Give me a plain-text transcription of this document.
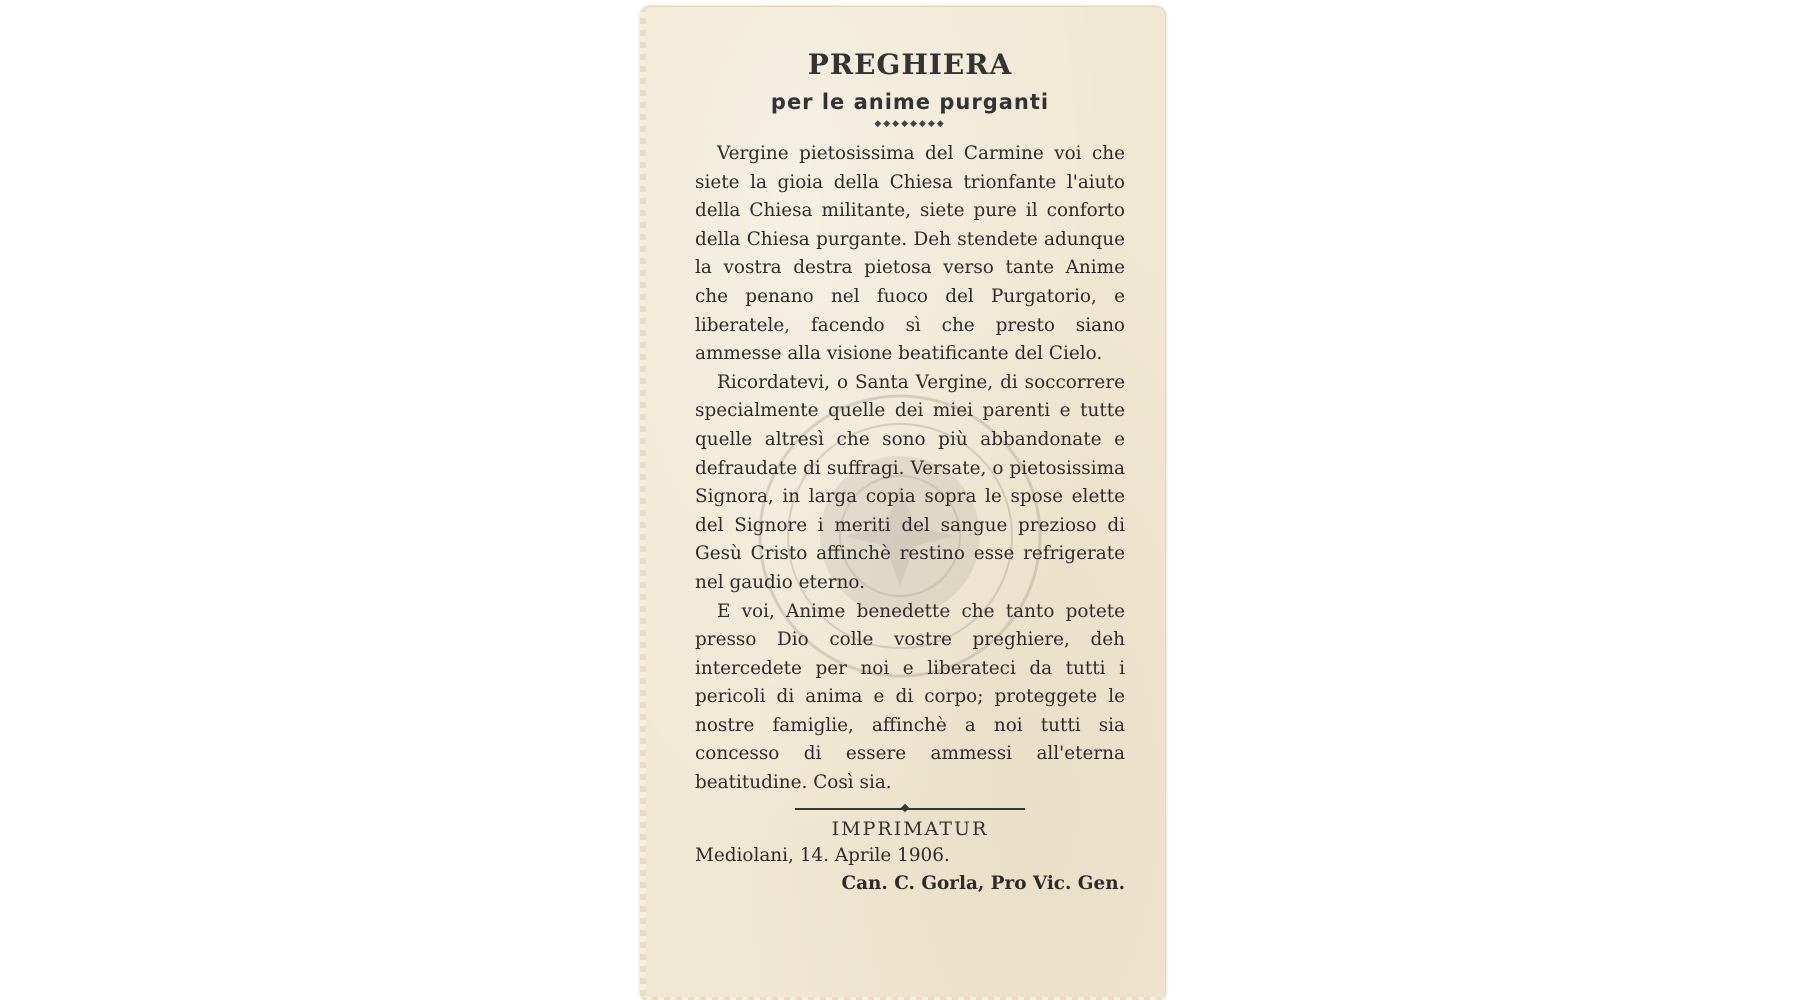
PREGHIERA
per le anime purganti
◆◆◆◆◆◆◆◆

Vergine pietosissima del Carmine voi che siete la gioia della Chiesa trionfante l'aiuto della Chiesa militante, siete pure il conforto della Chiesa purgante. Deh stendete adunque la vostra destra pietosa verso tante Anime che penano nel fuoco del Purgatorio, e liberatele, facendo sì che presto siano ammesse alla visione beatificante del Cielo.

Ricordatevi, o Santa Vergine, di soccorrere specialmente quelle dei miei parenti e tutte quelle altresì che sono più abbandonate e defraudate di suffragi. Versate, o pietosissima Signora, in larga copia sopra le spose elette del Signore i meriti del sangue prezioso di Gesù Cristo affinchè restino esse refrigerate nel gaudio eterno.

E voi, Anime benedette che tanto potete presso Dio colle vostre preghiere, deh intercedete per noi e liberateci da tutti i pericoli di anima e di corpo; proteggete le nostre famiglie, affinchè a noi tutti sia concesso di essere ammessi all'eterna beatitudine. Così sia.

IMPRIMATUR

Mediolani, 14. Aprile 1906.

Can. C. Gorla, Pro Vic. Gen.
